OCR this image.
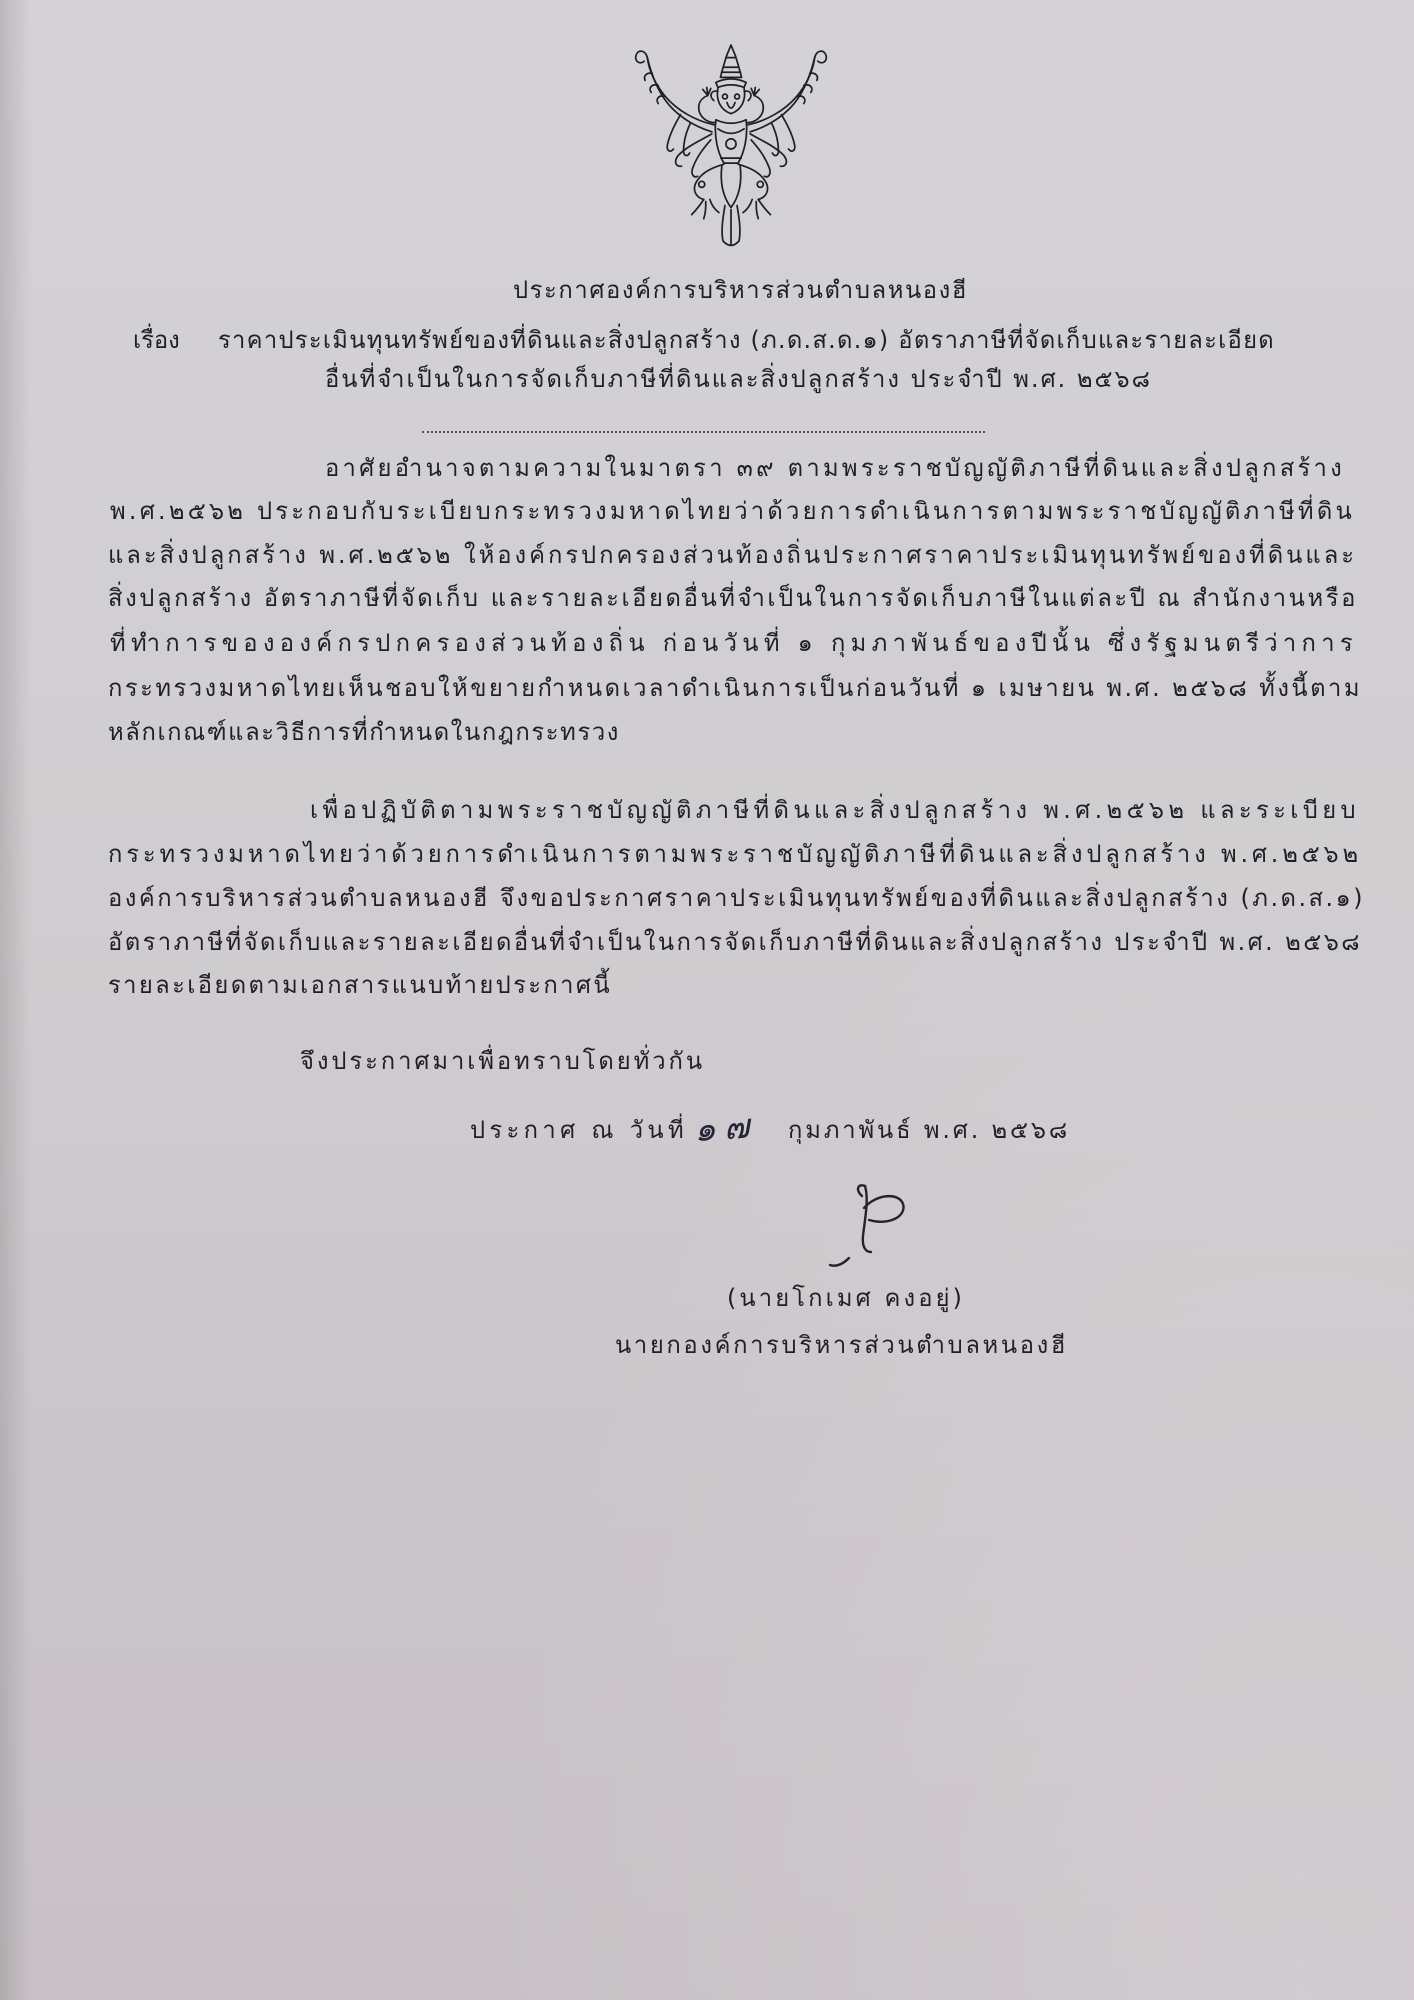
ประกาศองค์การบริหารส่วนตำบลหนองฮี
เรื่อง ราคาประเมินทุนทรัพย์ของที่ดินและสิ่งปลูกสร้าง (ภ.ด.ส.ด.๑) อัตราภาษีที่จัดเก็บและรายละเอียด
อื่นที่จำเป็นในการจัดเก็บภาษีที่ดินและสิ่งปลูกสร้าง ประจำปี พ.ศ. ๒๕๖๘
อาศัยอำนาจตามความในมาตรา ๓๙ ตามพระราชบัญญัติภาษีที่ดินและสิ่งปลูกสร้าง
พ.ศ.๒๕๖๒ ประกอบกับระเบียบกระทรวงมหาดไทยว่าด้วยการดำเนินการตามพระราชบัญญัติภาษีที่ดิน
และสิ่งปลูกสร้าง พ.ศ.๒๕๖๒ ให้องค์กรปกครองส่วนท้องถิ่นประกาศราคาประเมินทุนทรัพย์ของที่ดินและ
สิ่งปลูกสร้าง อัตราภาษีที่จัดเก็บ และรายละเอียดอื่นที่จำเป็นในการจัดเก็บภาษีในแต่ละปี ณ สำนักงานหรือ
ที่ทำการขององค์กรปกครองส่วนท้องถิ่น ก่อนวันที่ ๑ กุมภาพันธ์ของปีนั้น ซึ่งรัฐมนตรีว่าการ
กระทรวงมหาดไทยเห็นชอบให้ขยายกำหนดเวลาดำเนินการเป็นก่อนวันที่ ๑ เมษายน พ.ศ. ๒๕๖๘ ทั้งนี้ตาม
หลักเกณฑ์และวิธีการที่กำหนดในกฎกระทรวง
เพื่อปฏิบัติตามพระราชบัญญัติภาษีที่ดินและสิ่งปลูกสร้าง พ.ศ.๒๕๖๒ และระเบียบ
กระทรวงมหาดไทยว่าด้วยการดำเนินการตามพระราชบัญญัติภาษีที่ดินและสิ่งปลูกสร้าง พ.ศ.๒๕๖๒
องค์การบริหารส่วนตำบลหนองฮี จึงขอประกาศราคาประเมินทุนทรัพย์ของที่ดินและสิ่งปลูกสร้าง (ภ.ด.ส.๑)
อัตราภาษีที่จัดเก็บและรายละเอียดอื่นที่จำเป็นในการจัดเก็บภาษีที่ดินและสิ่งปลูกสร้าง ประจำปี พ.ศ. ๒๕๖๘
รายละเอียดตามเอกสารแนบท้ายประกาศนี้
จึงประกาศมาเพื่อทราบโดยทั่วกัน
ประกาศ ณ วันที่ ๑๗ กุมภาพันธ์ พ.ศ. ๒๕๖๘
(นายโกเมศ คงอยู่)
นายกองค์การบริหารส่วนตำบลหนองฮี
